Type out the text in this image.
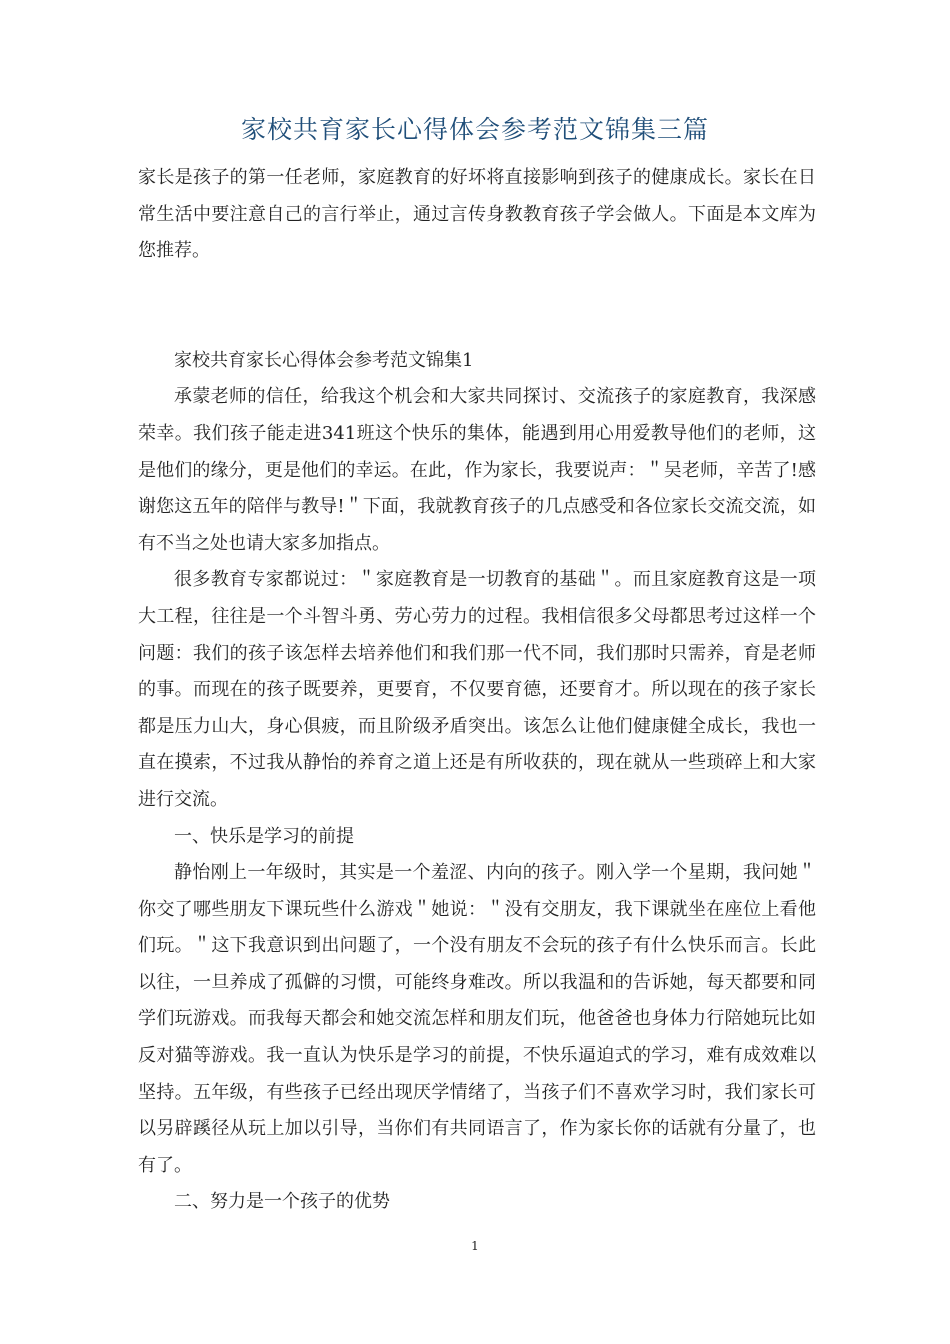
家校共育家长心得体会参考范文锦集三篇

家长是孩子的第一任老师，家庭教育的好坏将直接影响到孩子的健康成长。家长在日常生活中要注意自己的言行举止，通过言传身教教育孩子学会做人。下面是本文库为您推荐。

家校共育家长心得体会参考范文锦集1

承蒙老师的信任，给我这个机会和大家共同探讨、交流孩子的家庭教育，我深感荣幸。我们孩子能走进341班这个快乐的集体，能遇到用心用爱教导他们的老师，这是他们的缘分，更是他们的幸运。在此，作为家长，我要说声：＂吴老师，辛苦了!感谢您这五年的陪伴与教导!＂下面，我就教育孩子的几点感受和各位家长交流交流，如有不当之处也请大家多加指点。

很多教育专家都说过：＂家庭教育是一切教育的基础＂。而且家庭教育这是一项大工程，往往是一个斗智斗勇、劳心劳力的过程。我相信很多父母都思考过这样一个问题：我们的孩子该怎样去培养他们和我们那一代不同，我们那时只需养，育是老师的事。而现在的孩子既要养，更要育，不仅要育德，还要育才。所以现在的孩子家长都是压力山大，身心俱疲，而且阶级矛盾突出。该怎么让他们健康健全成长，我也一直在摸索，不过我从静怡的养育之道上还是有所收获的，现在就从一些琐碎上和大家进行交流。

一、快乐是学习的前提

静怡刚上一年级时，其实是一个羞涩、内向的孩子。刚入学一个星期，我问她＂你交了哪些朋友下课玩些什么游戏＂她说：＂没有交朋友，我下课就坐在座位上看他们玩。＂这下我意识到出问题了，一个没有朋友不会玩的孩子有什么快乐而言。长此以往，一旦养成了孤僻的习惯，可能终身难改。所以我温和的告诉她，每天都要和同学们玩游戏。而我每天都会和她交流怎样和朋友们玩，他爸爸也身体力行陪她玩比如反对猫等游戏。我一直认为快乐是学习的前提，不快乐逼迫式的学习，难有成效难以坚持。五年级，有些孩子已经出现厌学情绪了，当孩子们不喜欢学习时，我们家长可以另辟蹊径从玩上加以引导，当你们有共同语言了，作为家长你的话就有分量了，也有了。

二、努力是一个孩子的优势

1
